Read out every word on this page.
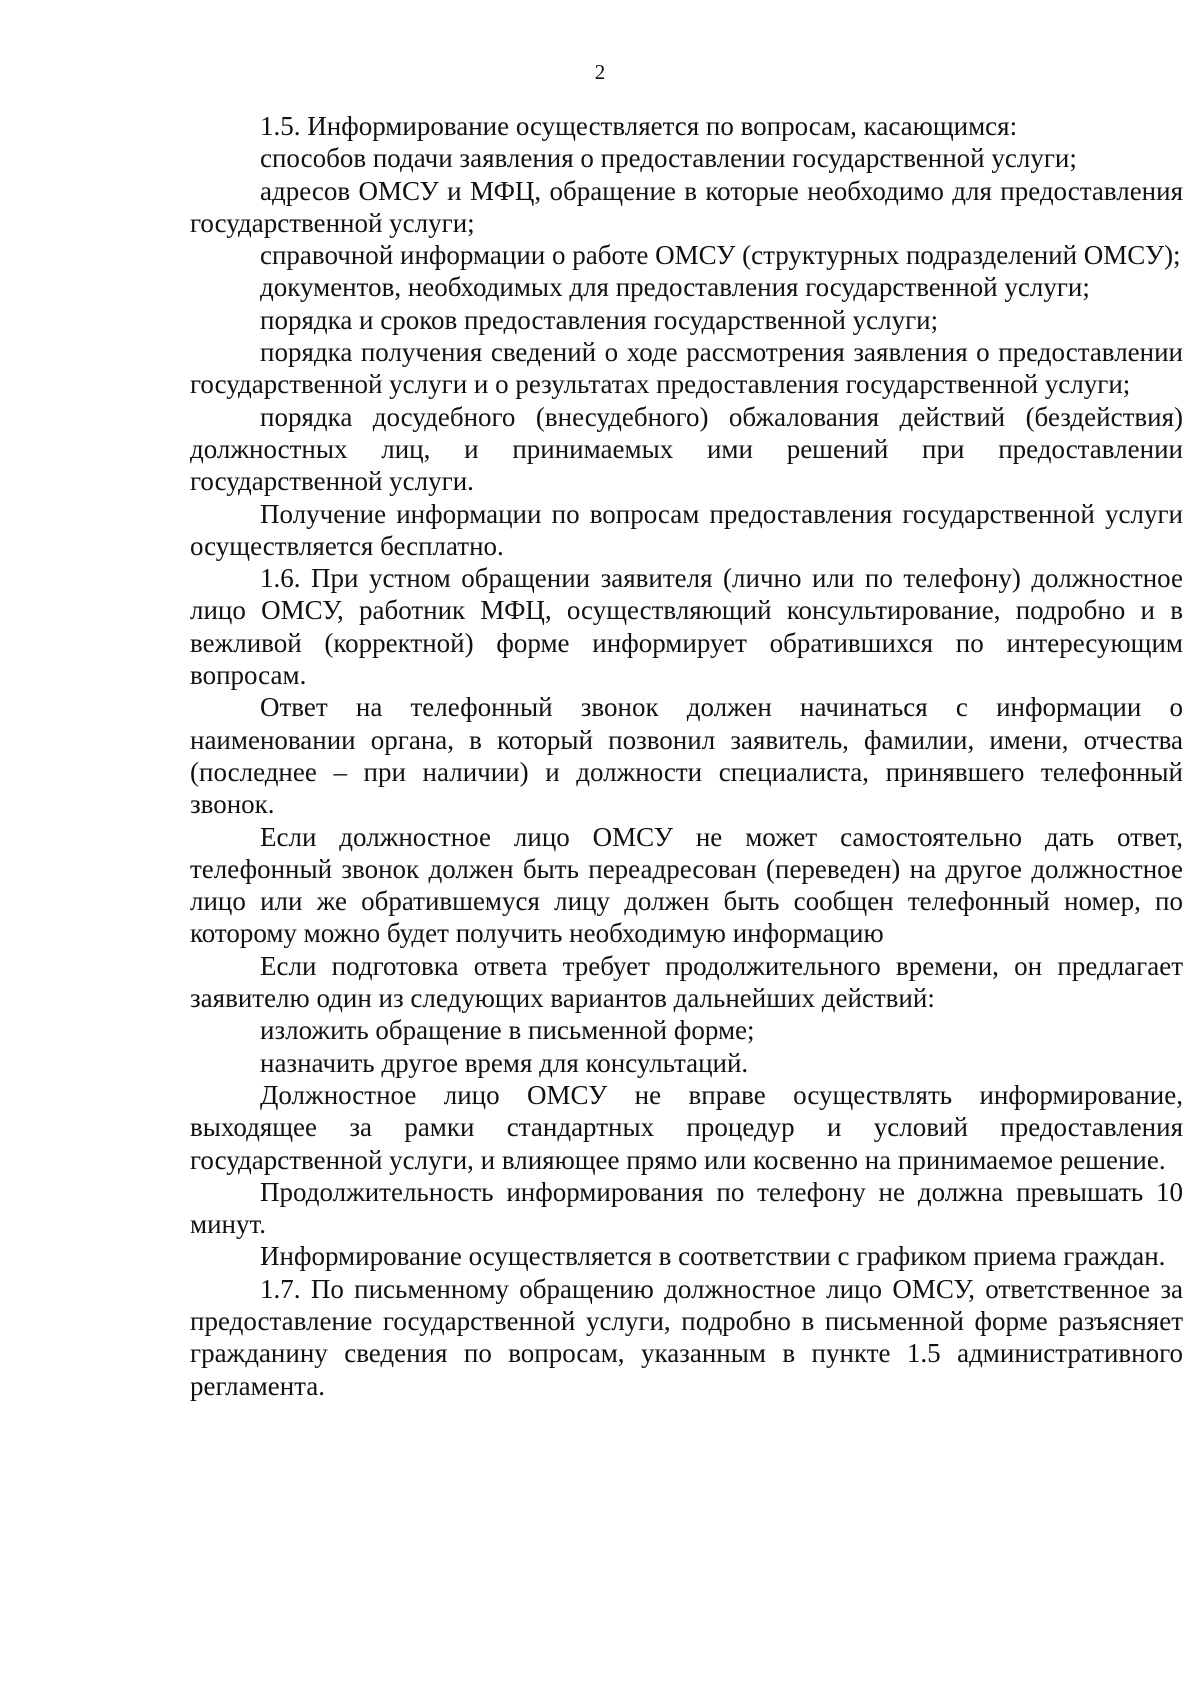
2

1.5. Информирование осуществляется по вопросам, касающимся:

способов подачи заявления о предоставлении государственной услуги;

адресов ОМСУ и МФЦ, обращение в которые необходимо для предоставления государственной услуги;

справочной информации о работе ОМСУ (структурных подразделений ОМСУ);

документов, необходимых для предоставления государственной услуги;

порядка и сроков предоставления государственной услуги;

порядка получения сведений о ходе рассмотрения заявления о предоставлении государственной услуги и о результатах предоставления государственной услуги;

порядка досудебного (внесудебного) обжалования действий (бездействия) должностных лиц, и принимаемых ими решений при предоставлении государственной услуги.

Получение информации по вопросам предоставления государственной услуги осуществляется бесплатно.

1.6. При устном обращении заявителя (лично или по телефону) должностное лицо ОМСУ, работник МФЦ, осуществляющий консультирование, подробно и в вежливой (корректной) форме информирует обратившихся по интересующим вопросам.

Ответ на телефонный звонок должен начинаться с информации о наименовании органа, в который позвонил заявитель, фамилии, имени, отчества (последнее – при наличии) и должности специалиста, принявшего телефонный звонок.

Если должностное лицо ОМСУ не может самостоятельно дать ответ, телефонный звонок должен быть переадресован (переведен) на другое должностное лицо или же обратившемуся лицу должен быть сообщен телефонный номер, по которому можно будет получить необходимую информацию

Если подготовка ответа требует продолжительного времени, он предлагает заявителю один из следующих вариантов дальнейших действий:

изложить обращение в письменной форме;

назначить другое время для консультаций.

Должностное лицо ОМСУ не вправе осуществлять информирование, выходящее за рамки стандартных процедур и условий предоставления государственной услуги, и влияющее прямо или косвенно на принимаемое решение.

Продолжительность информирования по телефону не должна превышать 10 минут.

Информирование осуществляется в соответствии с графиком приема граждан.

1.7. По письменному обращению должностное лицо ОМСУ, ответственное за предоставление государственной услуги, подробно в письменной форме разъясняет гражданину сведения по вопросам, указанным в пункте 1.5 административного регламента.
